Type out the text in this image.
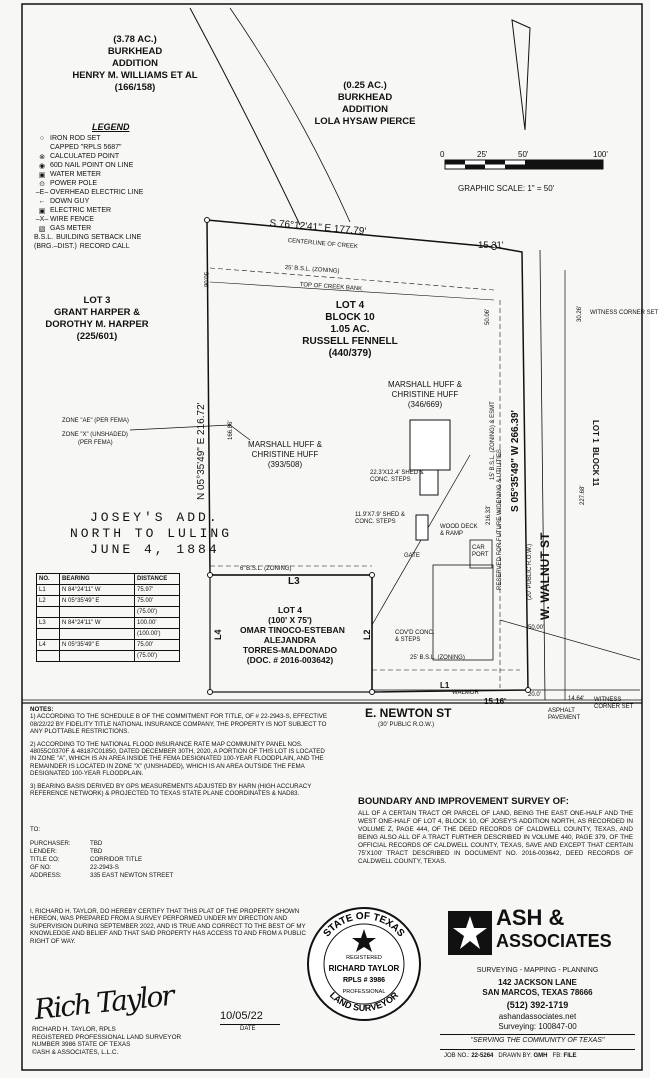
(3.78 AC.)
BURKHEAD
ADDITION
HENRY M. WILLIAMS ET AL
(166/158)	(0.25 AC.)
BURKHEAD
ADDITION
LOLA HYSAW PIERCE
LOT 3
GRANT HARPER &
DOROTHY M. HARPER
(225/601)
LOT 1  BLOCK 11
LEGEND
○ IRON ROD SET
CAPPED "RPLS 5687"
⊗ CALCULATED POINT
◉ 60D NAIL POINT ON LINE
▣ WATER METER
⊙ POWER POLE
–E– OVERHEAD ELECTRIC LINE
← DOWN GUY
▣ ELECTRIC METER
–X– WIRE FENCE
▧ GAS METER
B.S.L. BUILDING SETBACK LINE
(BRG.–DIST.) RECORD CALL
0	25'	50'	100'
GRAPHIC SCALE: 1" = 50'
S 76°12'41" E 177.79'
CENTERLINE OF CREEK	15.31'
25' B.S.L. (ZONING)
TOP OF CREEK BANK
LOT 4
BLOCK 10
1.05 AC.
RUSSELL FENNELL
(440/379)
MARSHALL HUFF &
CHRISTINE HUFF
(393/508)
MARSHALL HUFF &
CHRISTINE HUFF
(346/669)
N 05°35'49" E 216.72'
50.06'
166.86'	S 05°35'49" W 266.39'
50.06'
216.33'
15' B.S.L. (ZONING) & ESMT
RESERVED FOR FUTURE WIDENING & UTILITIES	W. WALNUT ST
(20' PUBLIC R.O.W.)
30.26'
227.68'
WITNESS CORNER SET
ZONE "AE" (PER FEMA)
ZONE "X" (UNSHADED)
(PER FEMA)
JOSEY'S ADD.
NORTH TO LULING
JUNE 4, 1884
22.3'X12.4' SHED & CONC. STEPS
11.9'X7.9' SHED & CONC. STEPS
WOOD DECK & RAMP
GATE
CAR PORT
COV'D CONC. & STEPS
25' B.S.L. (ZONING)
50.00'
6' B.S.L. (ZONING)
L3
L4	L2
L1
WALMOR
LOT 4
(100' X 75')
OMAR TINOCO-ESTEBAN
ALEJANDRA
TORRES-MALDONADO
(DOC. # 2016-003642)
NO.	BEARING	DISTANCE
L1	N 84°24'11" W	75.97'
L2	N 05°35'49" E	75.00'
		(75.00')
L3	N 84°24'11" W	100.00'
		(100.00')
L4	N 05°35'49" E	75.00'
		(75.00')
E. NEWTON ST
(30' PUBLIC R.O.W.)
15.16'
20.0'
14.64'
ASPHALT PAVEMENT
WITNESS CORNER SET
NOTES:

1) ACCORDING TO THE SCHEDULE B OF THE COMMITMENT FOR TITLE, OF # 22-2943-S, EFFECTIVE 08/22/22 BY FIDELITY TITLE NATIONAL INSURANCE COMPANY, THE PROPERTY IS NOT SUBJECT TO ANY PLOTTABLE RESTRICTIONS.

2) ACCORDING TO THE NATIONAL FLOOD INSURANCE RATE MAP COMMUNITY PANEL NOS. 48055C0370F & 48187C01850, DATED DECEMBER 30TH, 2020, A PORTION OF THIS LOT IS LOCATED IN ZONE "A", WHICH IS AN AREA INSIDE THE FEMA DESIGNATED 100-YEAR FLOODPLAIN, AND THE REMAINDER IS LOCATED IN ZONE "X" (UNSHADED), WHICH IS AN AREA OUTSIDE THE FEMA DESIGNATED 100-YEAR FLOODPLAIN.

3) BEARING BASIS DERIVED BY GPS MEASUREMENTS ADJUSTED BY HARN (HIGH ACCURACY REFERENCE NETWORK) & PROJECTED TO TEXAS STATE PLANE COORDINATES & NAD83.

TO:
PURCHASER:	TBD
LENDER:	TBD
TITLE CO:	CORRIDOR TITLE
GF NO:	22-2943-S
ADDRESS:	335 EAST NEWTON STREET
I, RICHARD H. TAYLOR, DO HEREBY CERTIFY THAT THIS PLAT OF THE PROPERTY SHOWN HEREON, WAS PREPARED FROM A SURVEY PERFORMED UNDER MY DIRECTION AND SUPERVISION DURING SEPTEMBER 2022, AND IS TRUE AND CORRECT TO THE BEST OF MY KNOWLEDGE AND BELIEF AND THAT SAID PROPERTY HAS ACCESS TO AND FROM A PUBLIC RIGHT OF WAY.
Rich Taylor
RICHARD H. TAYLOR, RPLS
REGISTERED PROFESSIONAL LAND SURVEYOR
NUMBER 3986 STATE OF TEXAS
©ASH & ASSOCIATES, L.L.C.
10/05/22
DATE
BOUNDARY AND IMPROVEMENT SURVEY OF:
ALL OF A CERTAIN TRACT OR PARCEL OF LAND, BEING THE EAST ONE-HALF AND THE WEST ONE-HALF OF LOT 4, BLOCK 10, OF JOSEY'S ADDITION NORTH, AS RECORDED IN VOLUME Z, PAGE 444, OF THE DEED RECORDS OF CALDWELL COUNTY, TEXAS, AND BEING ALSO ALL OF A TRACT FURTHER DESCRIBED IN VOLUME 440, PAGE 379, OF THE OFFICIAL RECORDS OF CALDWELL COUNTY, TEXAS, SAVE AND EXCEPT THAT CERTAIN 75'X100' TRACT DESCRIBED IN DOCUMENT NO. 2016-003642, DEED RECORDS OF CALDWELL COUNTY, TEXAS.
STATE OF TEXAS
LAND SURVEYOR
REGISTERED
RICHARD TAYLOR
RPLS # 3986
PROFESSIONAL
ASH &
ASSOCIATES
SURVEYING - MAPPING - PLANNING
142 JACKSON LANE
SAN MARCOS, TEXAS 78666
(512) 392-1719
ashandassociates.net
Surveying: 100847-00
"SERVING THE COMMUNITY OF TEXAS"
JOB NO.: 22-5264 DRAWN BY: GMH FB: FILE
